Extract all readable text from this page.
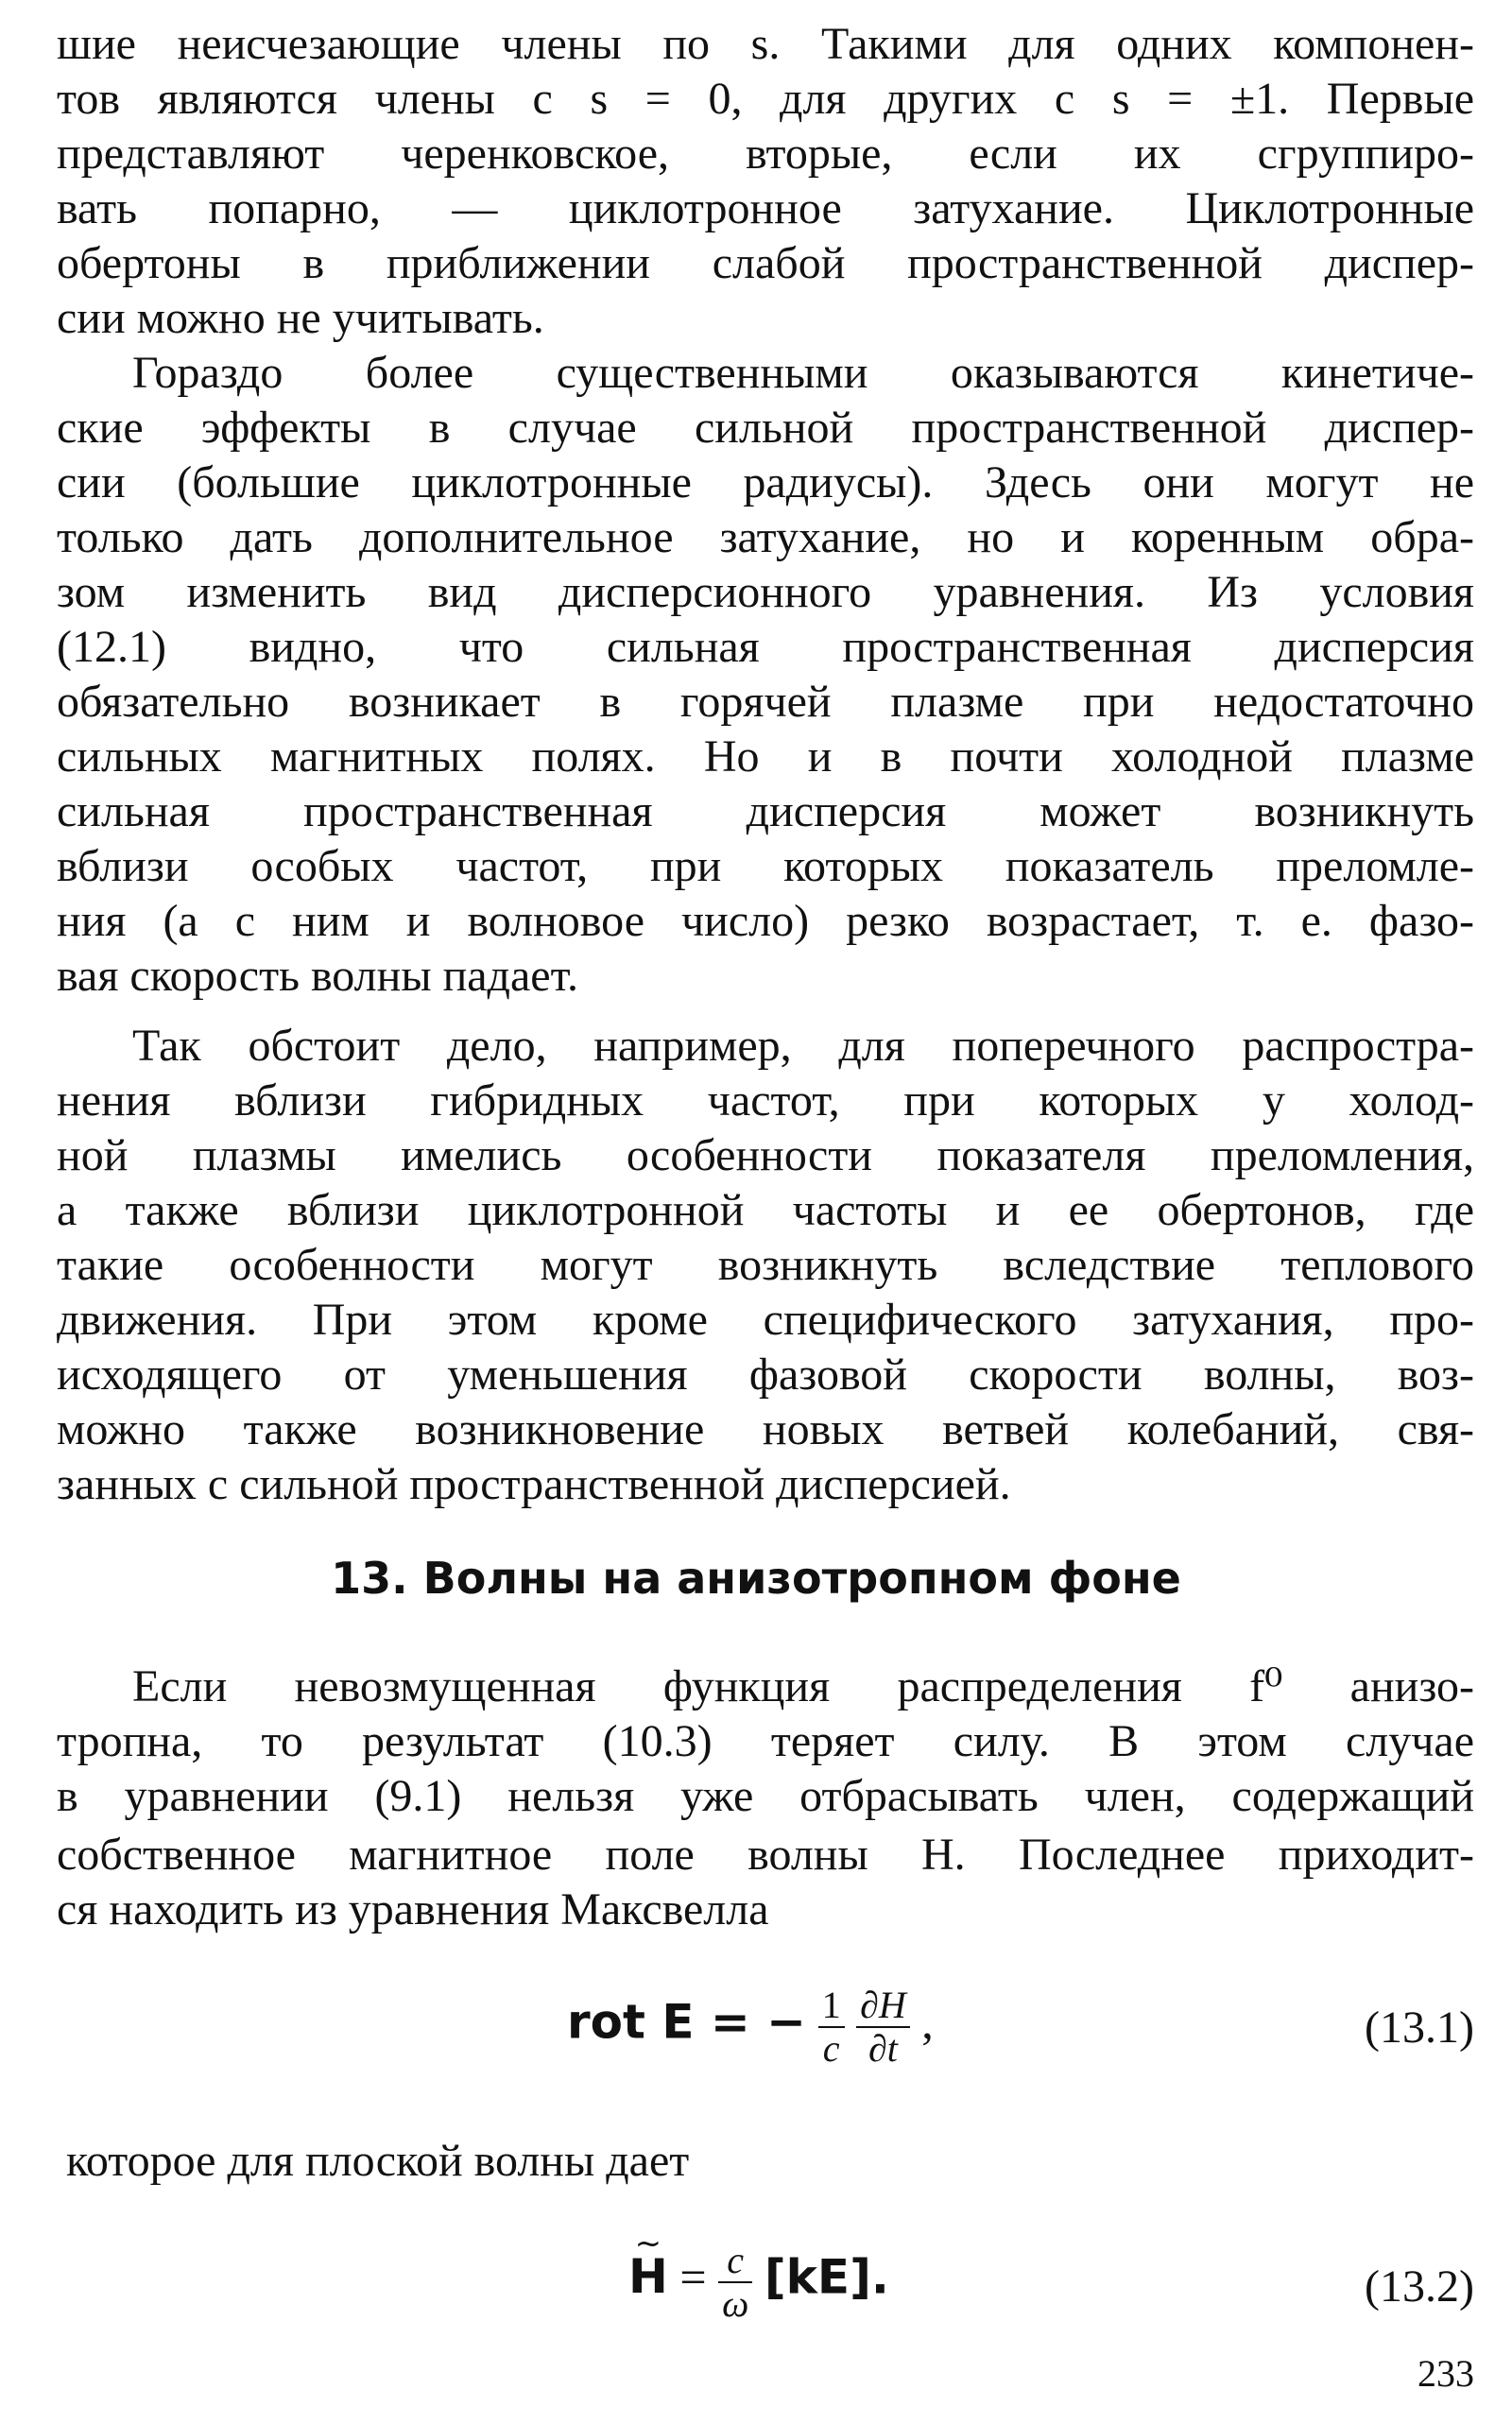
шие неисчезающие члены по s. Такими для одних компонен-
тов являются члены с s = 0, для других с s = ±1. Первые
представляют черенковское, вторые, если их сгруппиро-
вать попарно, — циклотронное затухание. Циклотронные
обертоны в приближении слабой пространственной диспер-
сии можно не учитывать.
Гораздо более существенными оказываются кинетиче-
ские эффекты в случае сильной пространственной диспер-
сии (большие циклотронные радиусы). Здесь они могут не
только дать дополнительное затухание, но и коренным обра-
зом изменить вид дисперсионного уравнения. Из условия
(12.1) видно, что сильная пространственная дисперсия
обязательно возникает в горячей плазме при недостаточно
сильных магнитных полях. Но и в почти холодной плазме
сильная пространственная дисперсия может возникнуть
вблизи особых частот, при которых показатель преломле-
ния (а с ним и волновое число) резко возрастает, т. е. фазо-
вая скорость волны падает.
Так обстоит дело, например, для поперечного распростра-
нения вблизи гибридных частот, при которых у холод-
ной плазмы имелись особенности показателя преломления,
а также вблизи циклотронной частоты и ее обертонов, где
такие особенности могут возникнуть вследствие теплового
движения. При этом кроме специфического затухания, про-
исходящего от уменьшения фазовой скорости волны, воз-
можно также возникновение новых ветвей колебаний, свя-
занных с сильной пространственной дисперсией.
13. Волны на анизотропном фоне
Если невозмущенная функция распределения f⁰ анизо-
тропна, то результат (10.3) теряет силу. В этом случае
в уравнении (9.1) нельзя уже отбрасывать член, содержащий
собственное магнитное поле волны H. Последнее приходит-
ся находить из уравнения Максвелла
rot E = − $\frac{1}{c}$
$\frac{\partial H}{\partial t}$ ,	(13.1)
которое для плоской волны дает
~ $H = \frac{c}{\omega} [kE]$.	(13.2)
233
